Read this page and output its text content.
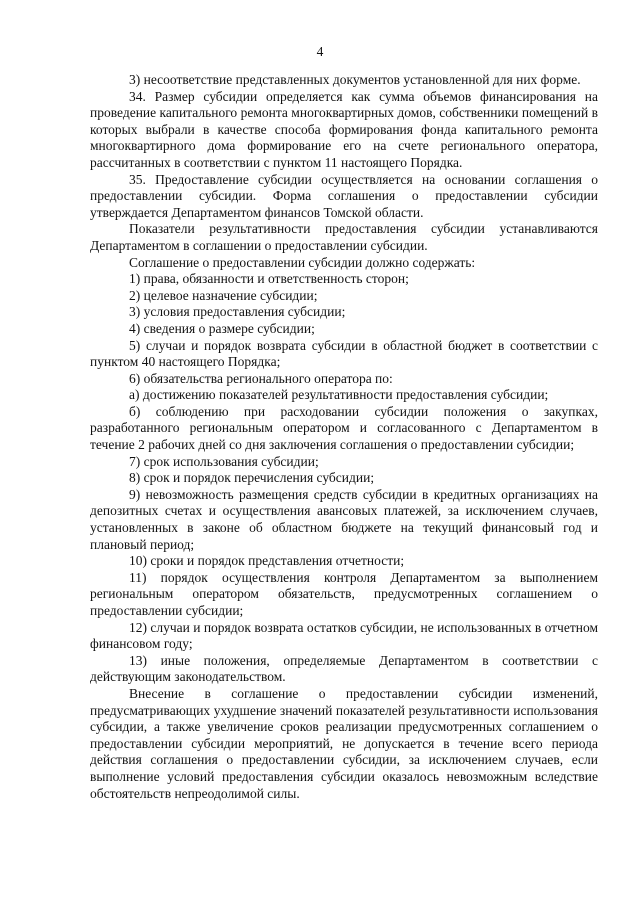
4

3) несоответствие представленных документов установленной для них форме.

34. Размер субсидии определяется как сумма объемов финансирования на проведение капитального ремонта многоквартирных домов, собственники помещений в которых выбрали в качестве способа формирования фонда капитального ремонта многоквартирного дома формирование его на счете регионального оператора, рассчитанных в соответствии с пунктом 11 настоящего Порядка.

35. Предоставление субсидии осуществляется на основании соглашения о предоставлении субсидии. Форма соглашения о предоставлении субсидии утверждается Департаментом финансов Томской области.

Показатели результативности предоставления субсидии устанавливаются Департаментом в соглашении о предоставлении субсидии.

Соглашение о предоставлении субсидии должно содержать:

1) права, обязанности и ответственность сторон;

2) целевое назначение субсидии;

3) условия предоставления субсидии;

4) сведения о размере субсидии;

5) случаи и порядок возврата субсидии в областной бюджет в соответствии с пунктом 40 настоящего Порядка;

6) обязательства регионального оператора по:

а) достижению показателей результативности предоставления субсидии;

б) соблюдению при расходовании субсидии положения о закупках, разработанного региональным оператором и согласованного с Департаментом в течение 2 рабочих дней со дня заключения соглашения о предоставлении субсидии;

7) срок использования субсидии;

8) срок и порядок перечисления субсидии;

9) невозможность размещения средств субсидии в кредитных организациях на депозитных счетах и осуществления авансовых платежей, за исключением случаев, установленных в законе об областном бюджете на текущий финансовый год и плановый период;

10) сроки и порядок представления отчетности;

11) порядок осуществления контроля Департаментом за выполнением региональным оператором обязательств, предусмотренных соглашением о предоставлении субсидии;

12) случаи и порядок возврата остатков субсидии, не использованных в отчетном финансовом году;

13) иные положения, определяемые Департаментом в соответствии с действующим законодательством.

Внесение в соглашение о предоставлении субсидии изменений, предусматривающих ухудшение значений показателей результативности использования субсидии, а также увеличение сроков реализации предусмотренных соглашением о предоставлении субсидии мероприятий, не допускается в течение всего периода действия соглашения о предоставлении субсидии, за исключением случаев, если выполнение условий предоставления субсидии оказалось невозможным вследствие обстоятельств непреодолимой силы.
